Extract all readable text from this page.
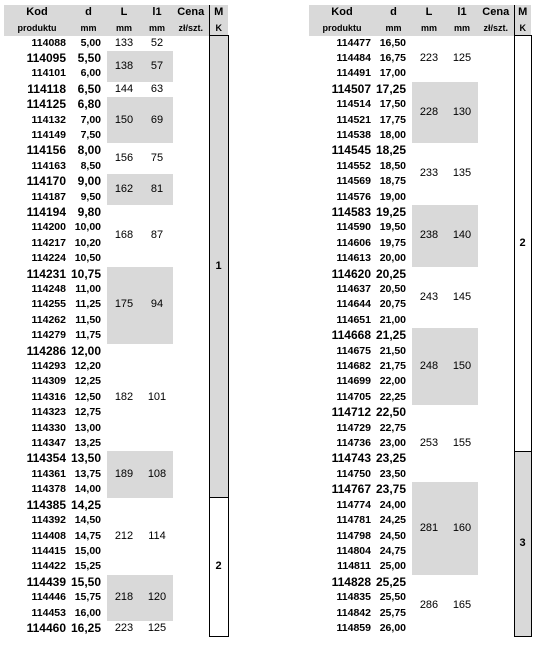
Kod	d	L	l1	Cena	M
produktu	mm	mm	mm	zł/szt.	K
114088	5,00	133	52		1
114095	5,50	138	57		
114101	6,00				
114118	6,50	144	63		
114125	6,80	150	69		
114132	7,00				
114149	7,50				
114156	8,00	156	75		
114163	8,50				
114170	9,00	162	81		
114187	9,50				
114194	9,80	168	87		
114200	10,00				
114217	10,20				
114224	10,50				
114231	10,75	175	94		
114248	11,00				
114255	11,25				
114262	11,50				
114279	11,75				
114286	12,00	182	101		
114293	12,20				
114309	12,25				
114316	12,50				
114323	12,75				
114330	13,00				
114347	13,25				
114354	13,50	189	108		
114361	13,75				
114378	14,00				
114385	14,25	212	114		2
114392	14,50				
114408	14,75				
114415	15,00				
114422	15,25				
114439	15,50	218	120		
114446	15,75				
114453	16,00				
114460	16,25	223	125		
Kod	d	L	l1	Cena	M
produktu	mm	mm	mm	zł/szt.	K
114477	16,50	223	125		2
114484	16,75				
114491	17,00				
114507	17,25	228	130		
114514	17,50				
114521	17,75				
114538	18,00				
114545	18,25	233	135		
114552	18,50				
114569	18,75				
114576	19,00				
114583	19,25	238	140		
114590	19,50				
114606	19,75				
114613	20,00				
114620	20,25	243	145		
114637	20,50				
114644	20,75				
114651	21,00				
114668	21,25	248	150		
114675	21,50				
114682	21,75				
114699	22,00				
114705	22,25				
114712	22,50	253	155		
114729	22,75				
114736	23,00				
114743	23,25				3
114750	23,50				
114767	23,75	281	160		
114774	24,00				
114781	24,25				
114798	24,50				
114804	24,75				
114811	25,00				
114828	25,25	286	165		
114835	25,50				
114842	25,75				
114859	26,00				
